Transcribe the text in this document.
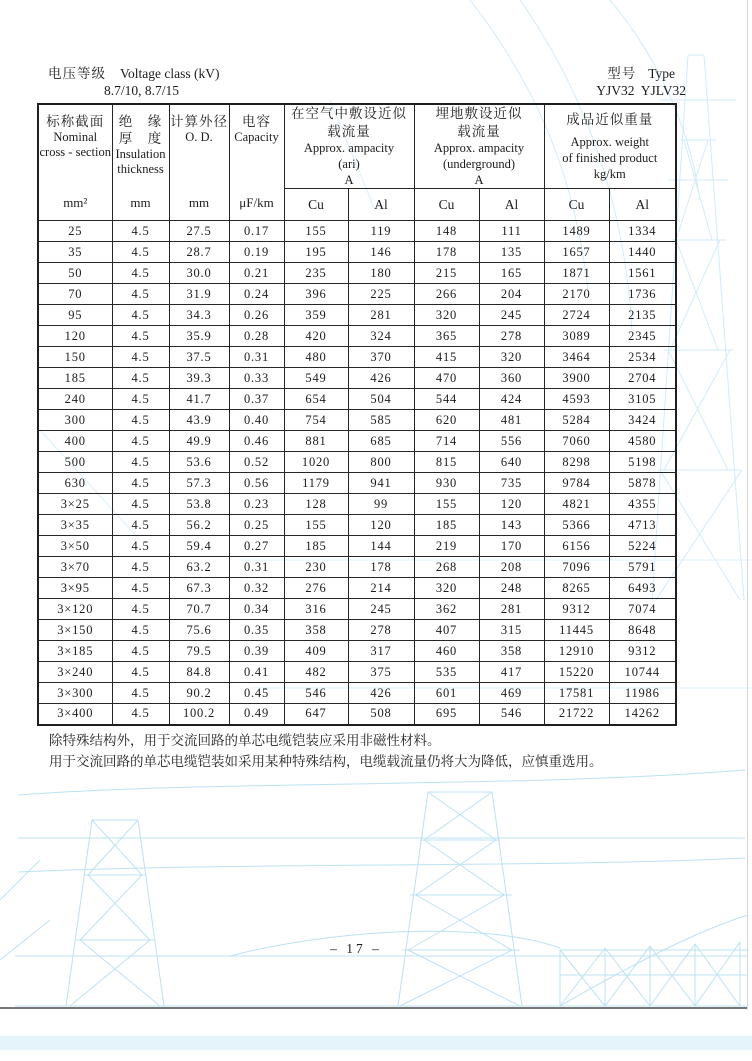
电压等级 Voltage class (kV)
8.7/10, 8.7/15
型号 Type
YJV32  YJLV32
标称截面
Nominal
cross - section
mm²

绝　缘
厚　度
Insulation
thickness
mm

计算外径
O. D.
mm

电容
Capacity
μF/km

在空气中敷设近似
载流量
Approx. ampacity
(ari)
A

埋地敷设近似
载流量
Approx. ampacity
(underground)
A

成品近似重量
Approx. weight
of finished product
kg/km

				Cu	Al	Cu	Al	Cu	Al
25	4.5	27.5	0.17	155	119	148	111	1489	1334
35	4.5	28.7	0.19	195	146	178	135	1657	1440
50	4.5	30.0	0.21	235	180	215	165	1871	1561
70	4.5	31.9	0.24	396	225	266	204	2170	1736
95	4.5	34.3	0.26	359	281	320	245	2724	2135
120	4.5	35.9	0.28	420	324	365	278	3089	2345
150	4.5	37.5	0.31	480	370	415	320	3464	2534
185	4.5	39.3	0.33	549	426	470	360	3900	2704
240	4.5	41.7	0.37	654	504	544	424	4593	3105
300	4.5	43.9	0.40	754	585	620	481	5284	3424
400	4.5	49.9	0.46	881	685	714	556	7060	4580
500	4.5	53.6	0.52	1020	800	815	640	8298	5198
630	4.5	57.3	0.56	1179	941	930	735	9784	5878
3×25	4.5	53.8	0.23	128	99	155	120	4821	4355
3×35	4.5	56.2	0.25	155	120	185	143	5366	4713
3×50	4.5	59.4	0.27	185	144	219	170	6156	5224
3×70	4.5	63.2	0.31	230	178	268	208	7096	5791
3×95	4.5	67.3	0.32	276	214	320	248	8265	6493
3×120	4.5	70.7	0.34	316	245	362	281	9312	7074
3×150	4.5	75.6	0.35	358	278	407	315	11445	8648
3×185	4.5	79.5	0.39	409	317	460	358	12910	9312
3×240	4.5	84.8	0.41	482	375	535	417	15220	10744
3×300	4.5	90.2	0.45	546	426	601	469	17581	11986
3×400	4.5	100.2	0.49	647	508	695	546	21722	14262
除特殊结构外，用于交流回路的单芯电缆铠装应采用非磁性材料。
用于交流回路的单芯电缆铠装如采用某种特殊结构，电缆载流量仍将大为降低，应慎重选用。
– 17 –
